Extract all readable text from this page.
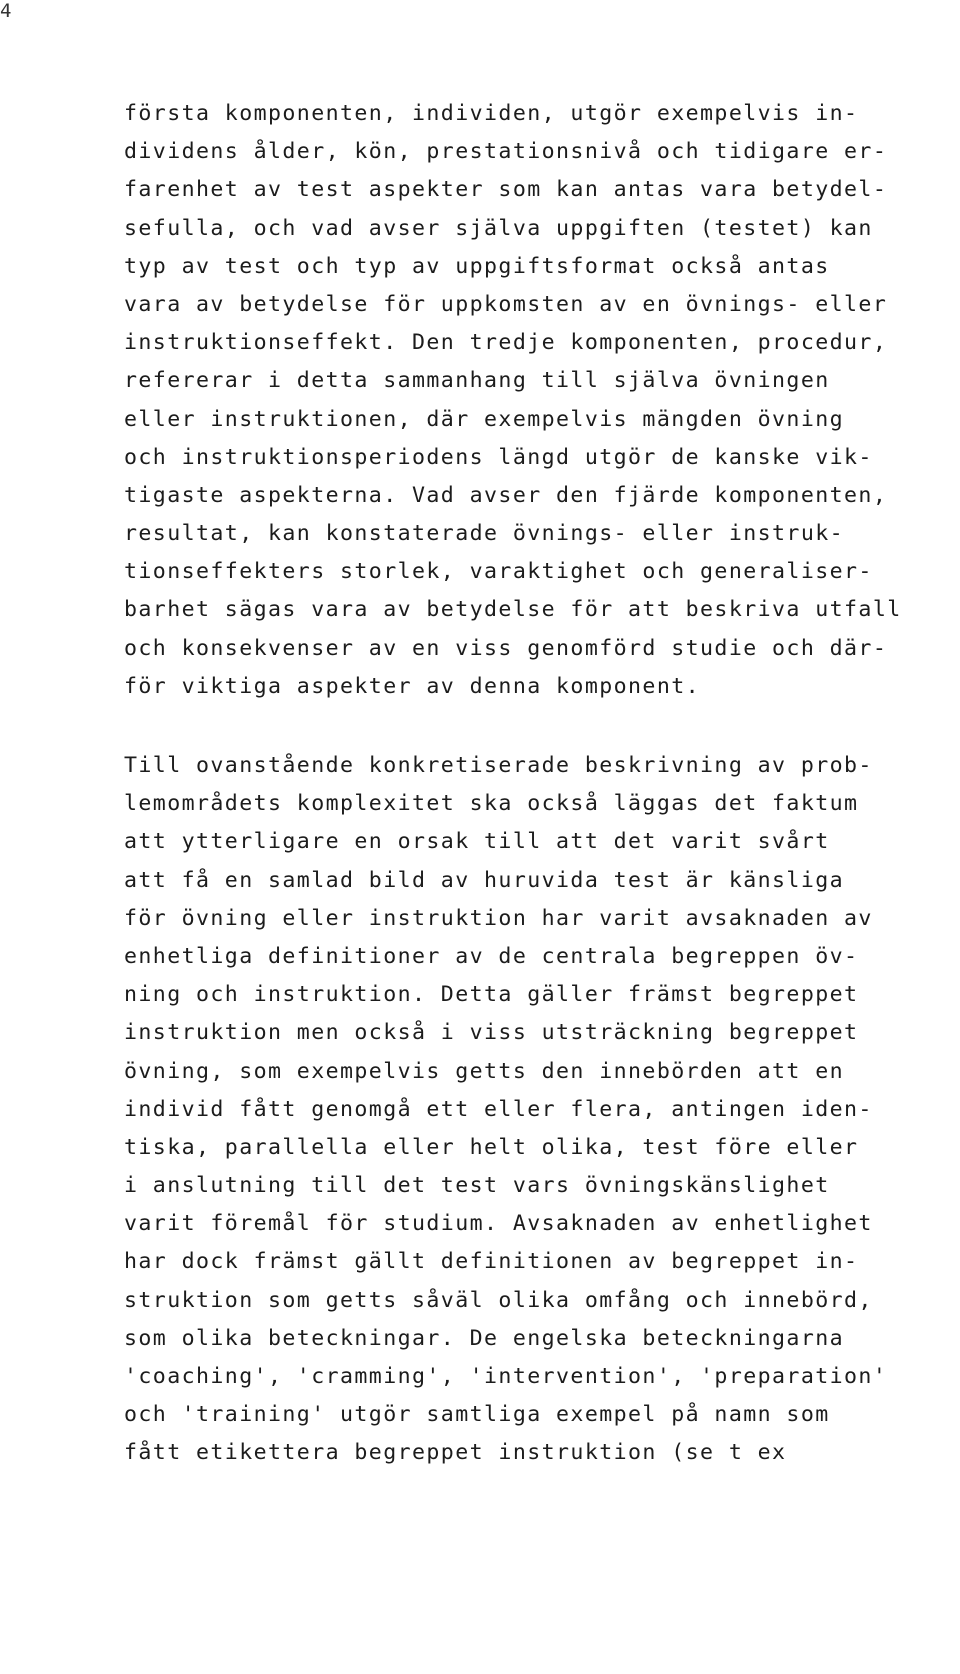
4
första komponenten, individen, utgör exempelvis in-
dividens ålder, kön, prestationsnivå och tidigare er-
farenhet av test aspekter som kan antas vara betydel-
sefulla, och vad avser själva uppgiften (testet) kan
typ av test och typ av uppgiftsformat också antas
vara av betydelse för uppkomsten av en övnings- eller
instruktionseffekt. Den tredje komponenten, procedur,
refererar i detta sammanhang till själva övningen
eller instruktionen, där exempelvis mängden övning
och instruktionsperiodens längd utgör de kanske vik-
tigaste aspekterna. Vad avser den fjärde komponenten,
resultat, kan konstaterade övnings- eller instruk-
tionseffekters storlek, varaktighet och generaliser-
barhet sägas vara av betydelse för att beskriva utfall
och konsekvenser av en viss genomförd studie och där-
för viktiga aspekter av denna komponent.
Till ovanstående konkretiserade beskrivning av prob-
lemområdets komplexitet ska också läggas det faktum
att ytterligare en orsak till att det varit svårt
att få en samlad bild av huruvida test är känsliga
för övning eller instruktion har varit avsaknaden av
enhetliga definitioner av de centrala begreppen öv-
ning och instruktion. Detta gäller främst begreppet
instruktion men också i viss utsträckning begreppet
övning, som exempelvis getts den innebörden att en
individ fått genomgå ett eller flera, antingen iden-
tiska, parallella eller helt olika, test före eller
i anslutning till det test vars övningskänslighet
varit föremål för studium. Avsaknaden av enhetlighet
har dock främst gällt definitionen av begreppet in-
struktion som getts såväl olika omfång och innebörd,
som olika beteckningar. De engelska beteckningarna
'coaching', 'cramming', 'intervention', 'preparation'
och 'training' utgör samtliga exempel på namn som
fått etikettera begreppet instruktion (se t ex
